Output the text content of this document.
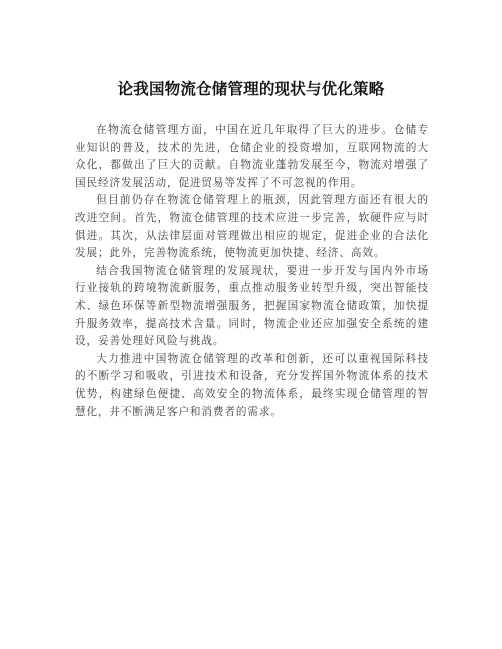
论我国物流仓储管理的现状与优化策略

在物流仓储管理方面，中国在近几年取得了巨大的进步。仓储专业知识的普及，技术的先进，仓储企业的投资增加，互联网物流的大众化，都做出了巨大的贡献。自物流业蓬勃发展至今，物流对增强了国民经济发展活动，促进贸易等发挥了不可忽视的作用。

但目前仍存在物流仓储管理上的瓶颈，因此管理方面还有很大的改进空间。首先，物流仓储管理的技术应进一步完善，软硬件应与时俱进。其次，从法律层面对管理做出相应的规定，促进企业的合法化发展；此外，完善物流系统，使物流更加快捷、经济、高效。

结合我国物流仓储管理的发展现状，要进一步开发与国内外市场行业接轨的跨境物流新服务，重点推动服务业转型升级，突出智能技术、绿色环保等新型物流增强服务，把握国家物流仓储政策，加快提升服务效率，提高技术含量。同时，物流企业还应加强安全系统的建设，妥善处理好风险与挑战。

大力推进中国物流仓储管理的改革和创新，还可以重视国际科技的不断学习和吸收，引进技术和设备，充分发挥国外物流体系的技术优势，构建绿色便捷、高效安全的物流体系，最终实现仓储管理的智慧化，并不断满足客户和消费者的需求。
